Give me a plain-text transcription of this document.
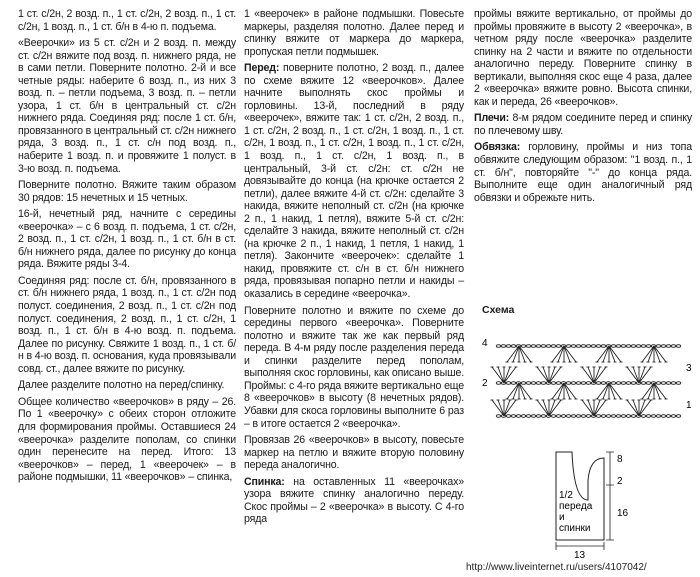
1 ст. с/2н, 2 возд. п., 1 ст. с/2н, 2 возд. п., 1 ст. с/2н, 1 возд. п., 1 ст. б/н в 4-ю п. подъема.
«Веерочки» из 5 ст. с/2н и 2 возд. п. между ст. с/2н вяжите под возд. п. нижнего ряда, не в сами петли. Поверните полотно. 2-й и все четные ряды: наберите 6 возд. п., из них 3 возд. п. – петли подъема, 3 возд. п. – петли узора, 1 ст. б/н в центральный ст. с/2н нижнего ряда. Соединяя ряд: после 1 ст. б/н, провязанного в центральный ст. с/2н нижнего ряда, 3 возд. п., 1 ст. с/н под возд. п., наберите 1 возд. п. и провяжите 1 полуст. в 3-ю возд. п. подъема.
Поверните полотно. Вяжите таким образом 30 рядов: 15 нечетных и 15 четных.
16-й, нечетный ряд, начните с середины «веерочка» – с 6 возд. п. подъема, 1 ст. с/2н, 2 возд. п., 1 ст. с/2н, 1 возд. п., 1 ст. б/н в ст. б/н нижнего ряда, далее по рисунку до конца ряда. Вяжите ряды 3-4.
Соединяя ряд: после ст. б/н, провязанного в ст. б/н нижнего ряда, 1 возд. п., 1 ст. с/2н под полуст. соединения, 2 возд. п., 1 ст. с/2н под полуст. соединения, 2 возд. п., 1 ст. с/2н, 1 возд. п., 1 ст. б/н в 4-ю возд. п. подъема. Далее по рисунку. Свяжите 1 возд. п., 1 ст. б/н в 4-ю возд. п. основания, куда провязывали совд. ст., далее вяжите по рисунку.
Далее разделите полотно на перед/спинку.
Общее количество «веерочков» в ряду – 26. По 1 «веерочку» с обеих сторон отложите для формирования проймы. Оставшиеся 24 «веерочка» разделите пополам, со спинки один перенесите на перед. Итого: 13 «веерочков» – перед, 1 «веерочек» – в районе подмышки, 11 «веерочков» – спинка,
1 «веерочек» в районе подмышки. Повесьте маркеры, разделяя полотно. Далее перед и спинку вяжите от маркера до маркера, пропуская петли подмышек.
Перед: поверните полотно, 2 возд. п., далее по схеме вяжите 12 «веерочков». Далее начните выполнять скос проймы и горловины. 13-й, последний в ряду «веерочек», вяжите так: 1 ст. с/2н, 2 возд. п., 1 ст. с/2н, 2 возд. п., 1 ст. с/2н, 1 возд. п., 1 ст. с/2н, 1 возд. п., 1 ст. с/2н, 1 возд. п., 1 ст. с/2н, 1 возд. п., 1 ст. с/2н, 1 возд. п., в центральный, 3-й ст. с/2н: ст. с/2н не довязывайте до конца (на крючке остается 2 петли), далее вяжите 4-й ст. с/2н: сделайте 3 накида, вяжите неполный ст. с/2н (на крючке 2 п., 1 накид, 1 петля), вяжите 5-й ст. с/2н: сделайте 3 накида, вяжите неполный ст. с/2н (на крючке 2 п., 1 накид, 1 петля, 1 накид, 1 петля). Закончите «веерочек»: сделайте 1 накид, провяжите ст. с/н в ст. б/н нижнего ряда, провязывая попарно петли и накиды – оказались в середине «веерочка».
Поверните полотно и вяжите по схеме до середины первого «веерочка». Поверните полотно и вяжите так же как первый ряд переда. В 4-м ряду после разделения переда и спинки разделите перед пополам, выполняя скос горловины, как описано выше. Проймы: с 4-го ряда вяжите вертикально еще 8 «веерочков» в высоту (8 нечетных рядов). Убавки для скоса горловины выполните 6 раз – в итоге остается 2 «веерочка».
Провязав 26 «веерочков» в высоту, повесьте маркер на петлю и вяжите вторую половину переда аналогично.
Спинка: на оставленных 11 «веерочках» узора вяжите спинку аналогично переду. Скос проймы – 2 «веерочка» в высоту. С 4-го ряда
проймы вяжите вертикально, от проймы до проймы провяжите в высоту 2 «веерочка», в четном ряду после «веерочка» разделите спинку на 2 части и вяжите по отдельности аналогично переду. Поверните спинку в вертикали, выполняя скос еще 4 раза, далее 2 «веерочка» вяжите ровно. Высота спинки, как и переда, 26 «веерочков».
Плечи: 8-м рядом соедините перед и спинку по плечевому шву.
Обвязка: горловину, проймы и низ топа обвяжите следующим образом: "1 возд. п., 1 ст. б/н", повторяйте "-" до конца ряда. Выполните еще один аналогичный ряд обвязки и обрежьте нить.
Схема
4
2
3
1
8
2
16
13
1/2
переда
и
спинки
http://www.liveinternet.ru/users/4107042/
